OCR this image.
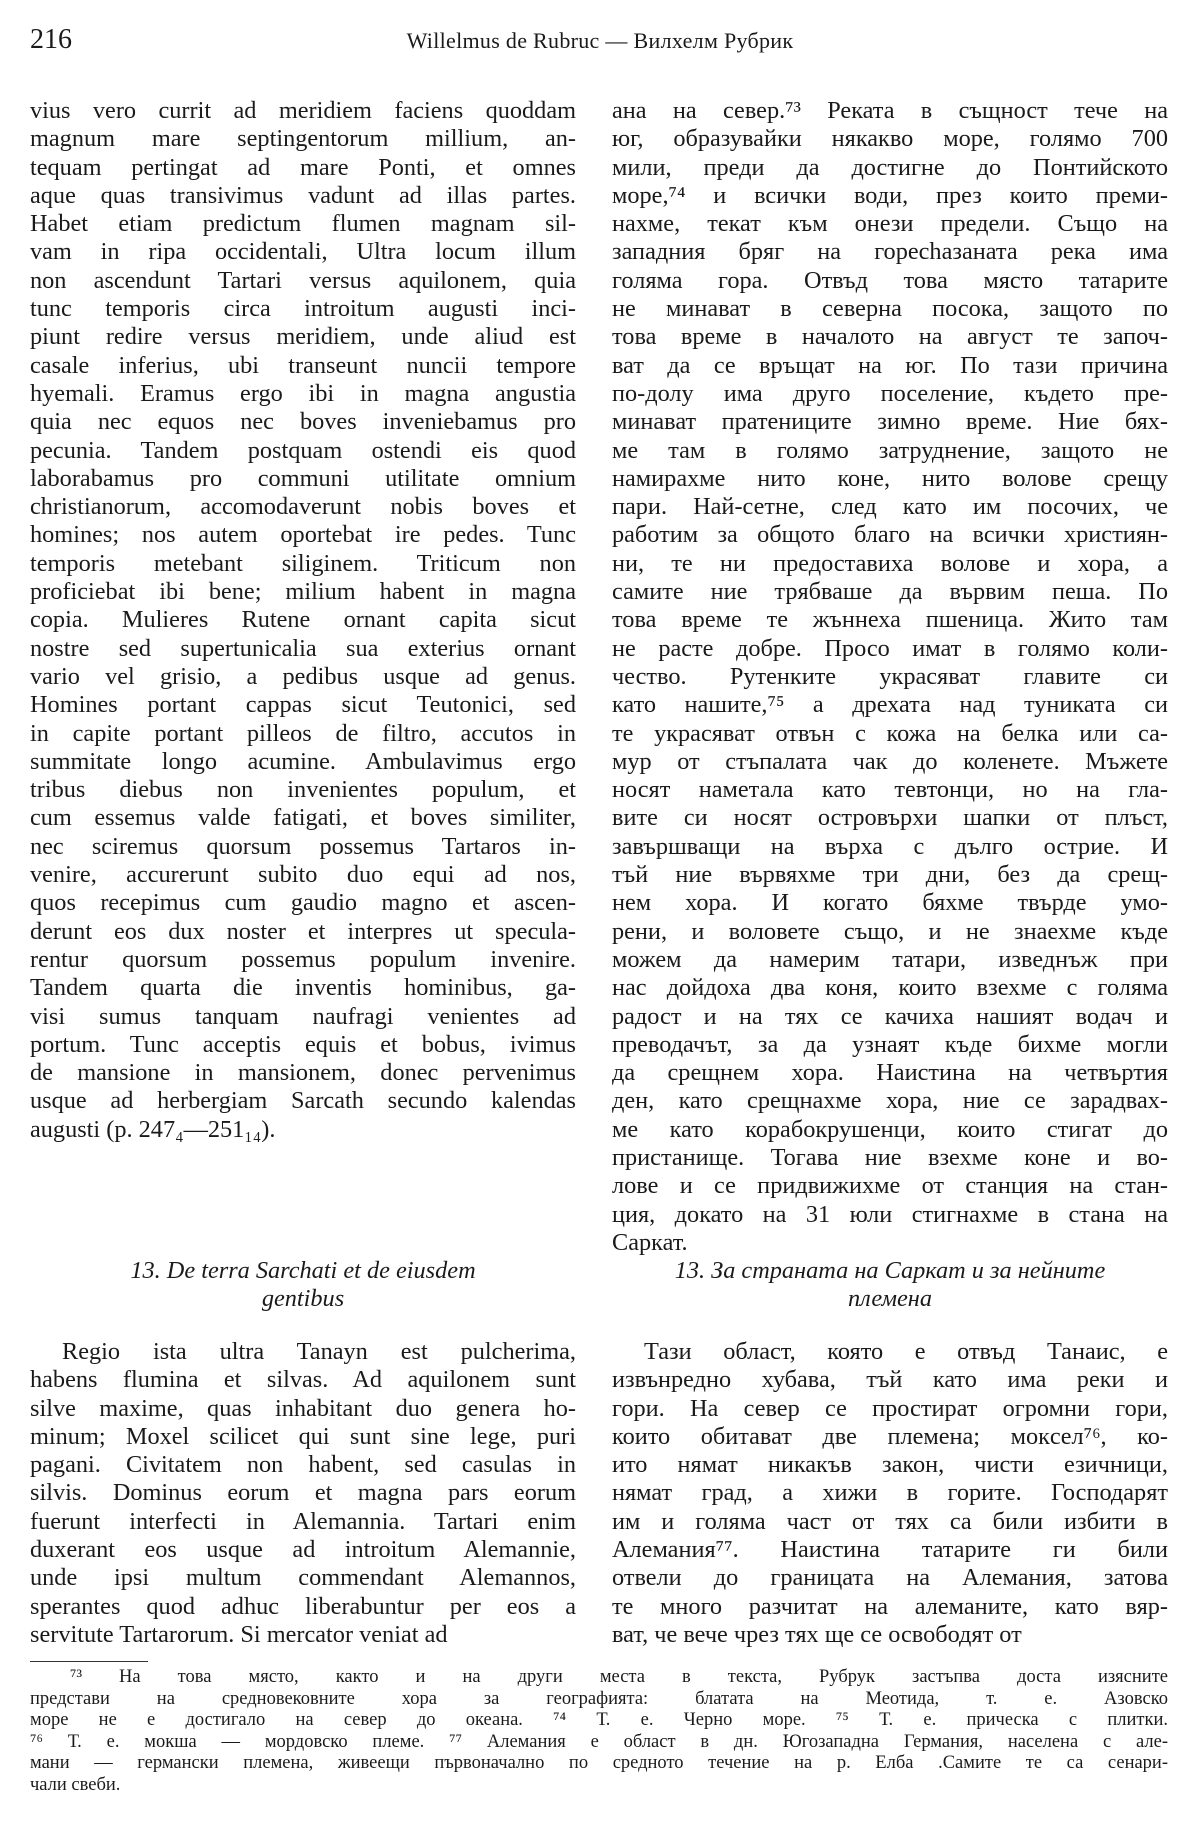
216	Willelmus de Rubruc — Вилхелм Рубрик
vius vero currit ad meridiem faciens quoddam
magnum mare septingentorum millium, an-
tequam pertingat ad mare Ponti, et omnes
aque quas transivimus vadunt ad illas partes.
Habet etiam predictum flumen magnam sil-
vam in ripa occidentali, Ultra locum illum
non ascendunt Tartari versus aquilonem, quia
tunc temporis circa introitum augusti inci-
piunt redire versus meridiem, unde aliud est
casale inferius, ubi transeunt nuncii tempore
hyemali. Eramus ergo ibi in magna angustia
quia nec equos nec boves inveniebamus pro
pecunia. Tandem postquam ostendi eis quod
laborabamus pro communi utilitate omnium
christianorum, accomodaverunt nobis boves et
homines; nos autem oportebat ire pedes. Tunc
temporis metebant siliginem. Triticum non
proficiebat ibi bene; milium habent in magna
copia. Mulieres Rutene ornant capita sicut
nostre sed supertunicalia sua exterius ornant
vario vel grisio, a pedibus usque ad genus.
Homines portant cappas sicut Teutonici, sed
in capite portant pilleos de filtro, accutos in
summitate longo acumine. Ambulavimus ergo
tribus diebus non invenientes populum, et
cum essemus valde fatigati, et boves similiter,
nec sciremus quorsum possemus Tartaros in-
venire, accurerunt subito duo equi ad nos,
quos recepimus cum gaudio magno et ascen-
derunt eos dux noster et interpres ut specula-
rentur quorsum possemus populum invenire.
Tandem quarta die inventis hominibus, ga-
visi sumus tanquam naufragi venientes ad
portum. Tunc acceptis equis et bobus, ivimus
de mansione in mansionem, donec pervenimus
usque ad herbergiam Sarcath secundo kalendas
augusti (p. 247₄—251₁₄).
ана на север.⁷³ Реката в същност тече на
юг, образувайки някакво море, голямо 700
мили, преди да достигне до Понтийското
море,⁷⁴ и всички води, през които преми-
нахме, текат към онези предели. Също на
западния бряг на горechазаната река има
голяма гора. Отвъд това място татарите
не минават в северна посока, защото по
това време в началото на август те започ-
ват да се връщат на юг. По тази причина
по-долу има друго поселение, където пре-
минават пратениците зимно време. Ние бях-
ме там в голямо затруднение, защото не
намирахме нито коне, нито волове срещу
пари. Най-сетне, след като им посочих, че
работим за общото благо на всички християн-
ни, те ни предоставиха волове и хора, а
самите ние трябваше да вървим пеша. По
това време те жъннеха пшеница. Жито там
не расте добре. Просо имат в голямо коли-
чество. Рутенките украсяват главите си
като нашите,⁷⁵ а дрехата над туниката си
те украсяват отвън с кожа на белка или са-
мур от стъпалата чак до коленете. Мъжете
носят наметала като тевтонци, но на гла-
вите си носят островърхи шапки от плъст,
завършващи на върха с дълго острие. И
тъй ние вървяхме три дни, без да срещ-
нем хора. И когато бяхме твърде умо-
рени, и воловете също, и не знаехме къде
можем да намерим татари, изведнъж при
нас дойдоха два коня, които взехме с голяма
радост и на тях се качиха нашият водач и
преводачът, за да узнаят къде бихме могли
да срещнем хора. Наистина на четвъртия
ден, като срещнахме хора, ние се зарадвах-
ме като корабокрушенци, които стигат до
пристанище. Тогава ние взехме коне и во-
лове и се придвижихме от станция на стан-
ция, докато на 31 юли стигнахме в стана на
Саркат.
13. De terra Sarchati et de eiusdem
gentibus
13. За страната на Саркат и за нейните
племена
Regio ista ultra Tanayn est pulcherima,
habens flumina et silvas. Ad aquilonem sunt
silve maxime, quas inhabitant duo genera ho-
minum; Moxel scilicet qui sunt sine lege, puri
pagani. Civitatem non habent, sed casulas in
silvis. Dominus eorum et magna pars eorum
fuerunt interfecti in Alemannia. Tartari enim
duxerant eos usque ad introitum Alemannie,
unde ipsi multum commendant Alemannos,
sperantes quod adhuc liberabuntur per eos a
servitute Tartarorum. Si mercator veniat ad
Тази област, която е отвъд Танаис, е
извънредно хубава, тъй като има реки и
гори. На север се простират огромни гори,
които обитават две племена; мокcел⁷⁶, ко-
ито нямат никакъв закон, чисти езичници,
нямат град, а хижи в горите. Господарят
им и голяма част от тях са били избити в
Алемания⁷⁷. Наистина татарите ги били
отвели до границата на Алемания, затова
те много разчитат на алеманите, като вяр-
ват, че вече чрез тях ще се освободят от
⁷³ На това място, както и на други места в текста, Рубрук застъпва доста изясните
представи на средновековните хора за географията: блатата на Меотида, т. е. Азовско
море не е достигало на север до океана. ⁷⁴ Т. е. Черно море. ⁷⁵ Т. е. прическа с плитки.
⁷⁶ Т. е. мокша — мордовско племе. ⁷⁷ Алемания е област в дн. Югозападна Германия, населена с але-
мани — германски племена, живеещи първоначално по средното течение на р. Елба .Самите те са сенари-
чали свеби.
